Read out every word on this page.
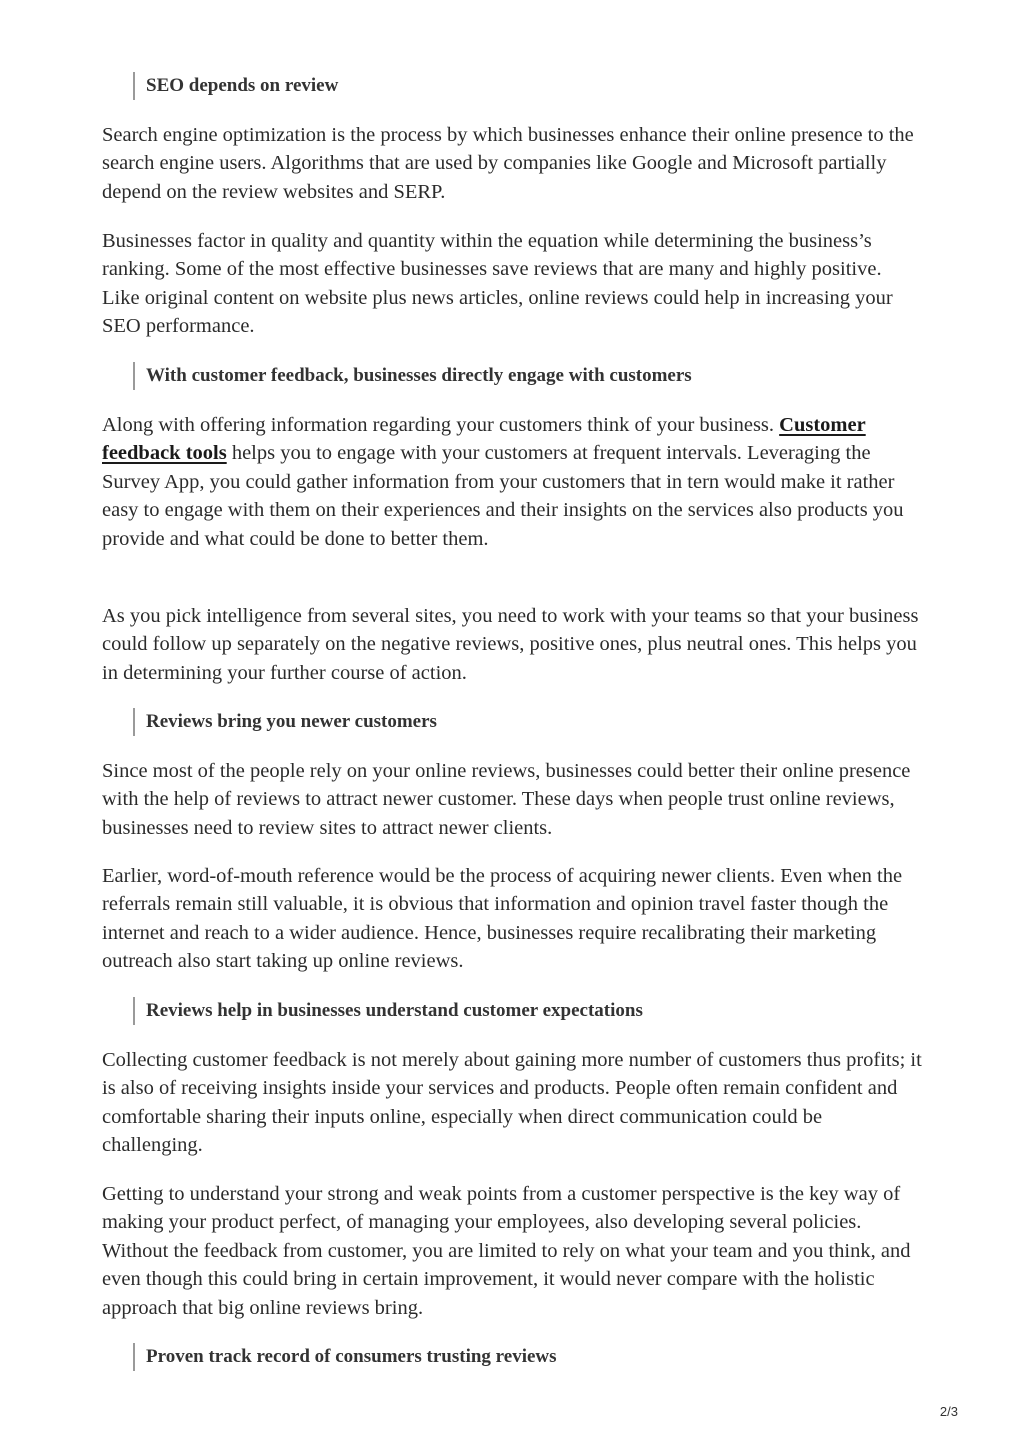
SEO depends on review

Search engine optimization is the process by which businesses enhance their online presence to the search engine users. Algorithms that are used by companies like Google and Microsoft partially depend on the review websites and SERP.

Businesses factor in quality and quantity within the equation while determining the business’s ranking. Some of the most effective businesses save reviews that are many and highly positive. Like original content on website plus news articles, online reviews could help in increasing your SEO performance.

With customer feedback, businesses directly engage with customers

Along with offering information regarding your customers think of your business. Customer feedback tools helps you to engage with your customers at frequent intervals. Leveraging the Survey App, you could gather information from your customers that in tern would make it rather easy to engage with them on their experiences and their insights on the services also products you provide and what could be done to better them.

As you pick intelligence from several sites, you need to work with your teams so that your business could follow up separately on the negative reviews, positive ones, plus neutral ones. This helps you in determining your further course of action.

Reviews bring you newer customers

Since most of the people rely on your online reviews, businesses could better their online presence with the help of reviews to attract newer customer. These days when people trust online reviews, businesses need to review sites to attract newer clients.

Earlier, word-of-mouth reference would be the process of acquiring newer clients. Even when the referrals remain still valuable, it is obvious that information and opinion travel faster though the internet and reach to a wider audience. Hence, businesses require recalibrating their marketing outreach also start taking up online reviews.

Reviews help in businesses understand customer expectations

Collecting customer feedback is not merely about gaining more number of customers thus profits; it is also of receiving insights inside your services and products. People often remain confident and comfortable sharing their inputs online, especially when direct communication could be challenging.

Getting to understand your strong and weak points from a customer perspective is the key way of making your product perfect, of managing your employees, also developing several policies. Without the feedback from customer, you are limited to rely on what your team and you think, and even though this could bring in certain improvement, it would never compare with the holistic approach that big online reviews bring.

Proven track record of consumers trusting reviews
2/3
